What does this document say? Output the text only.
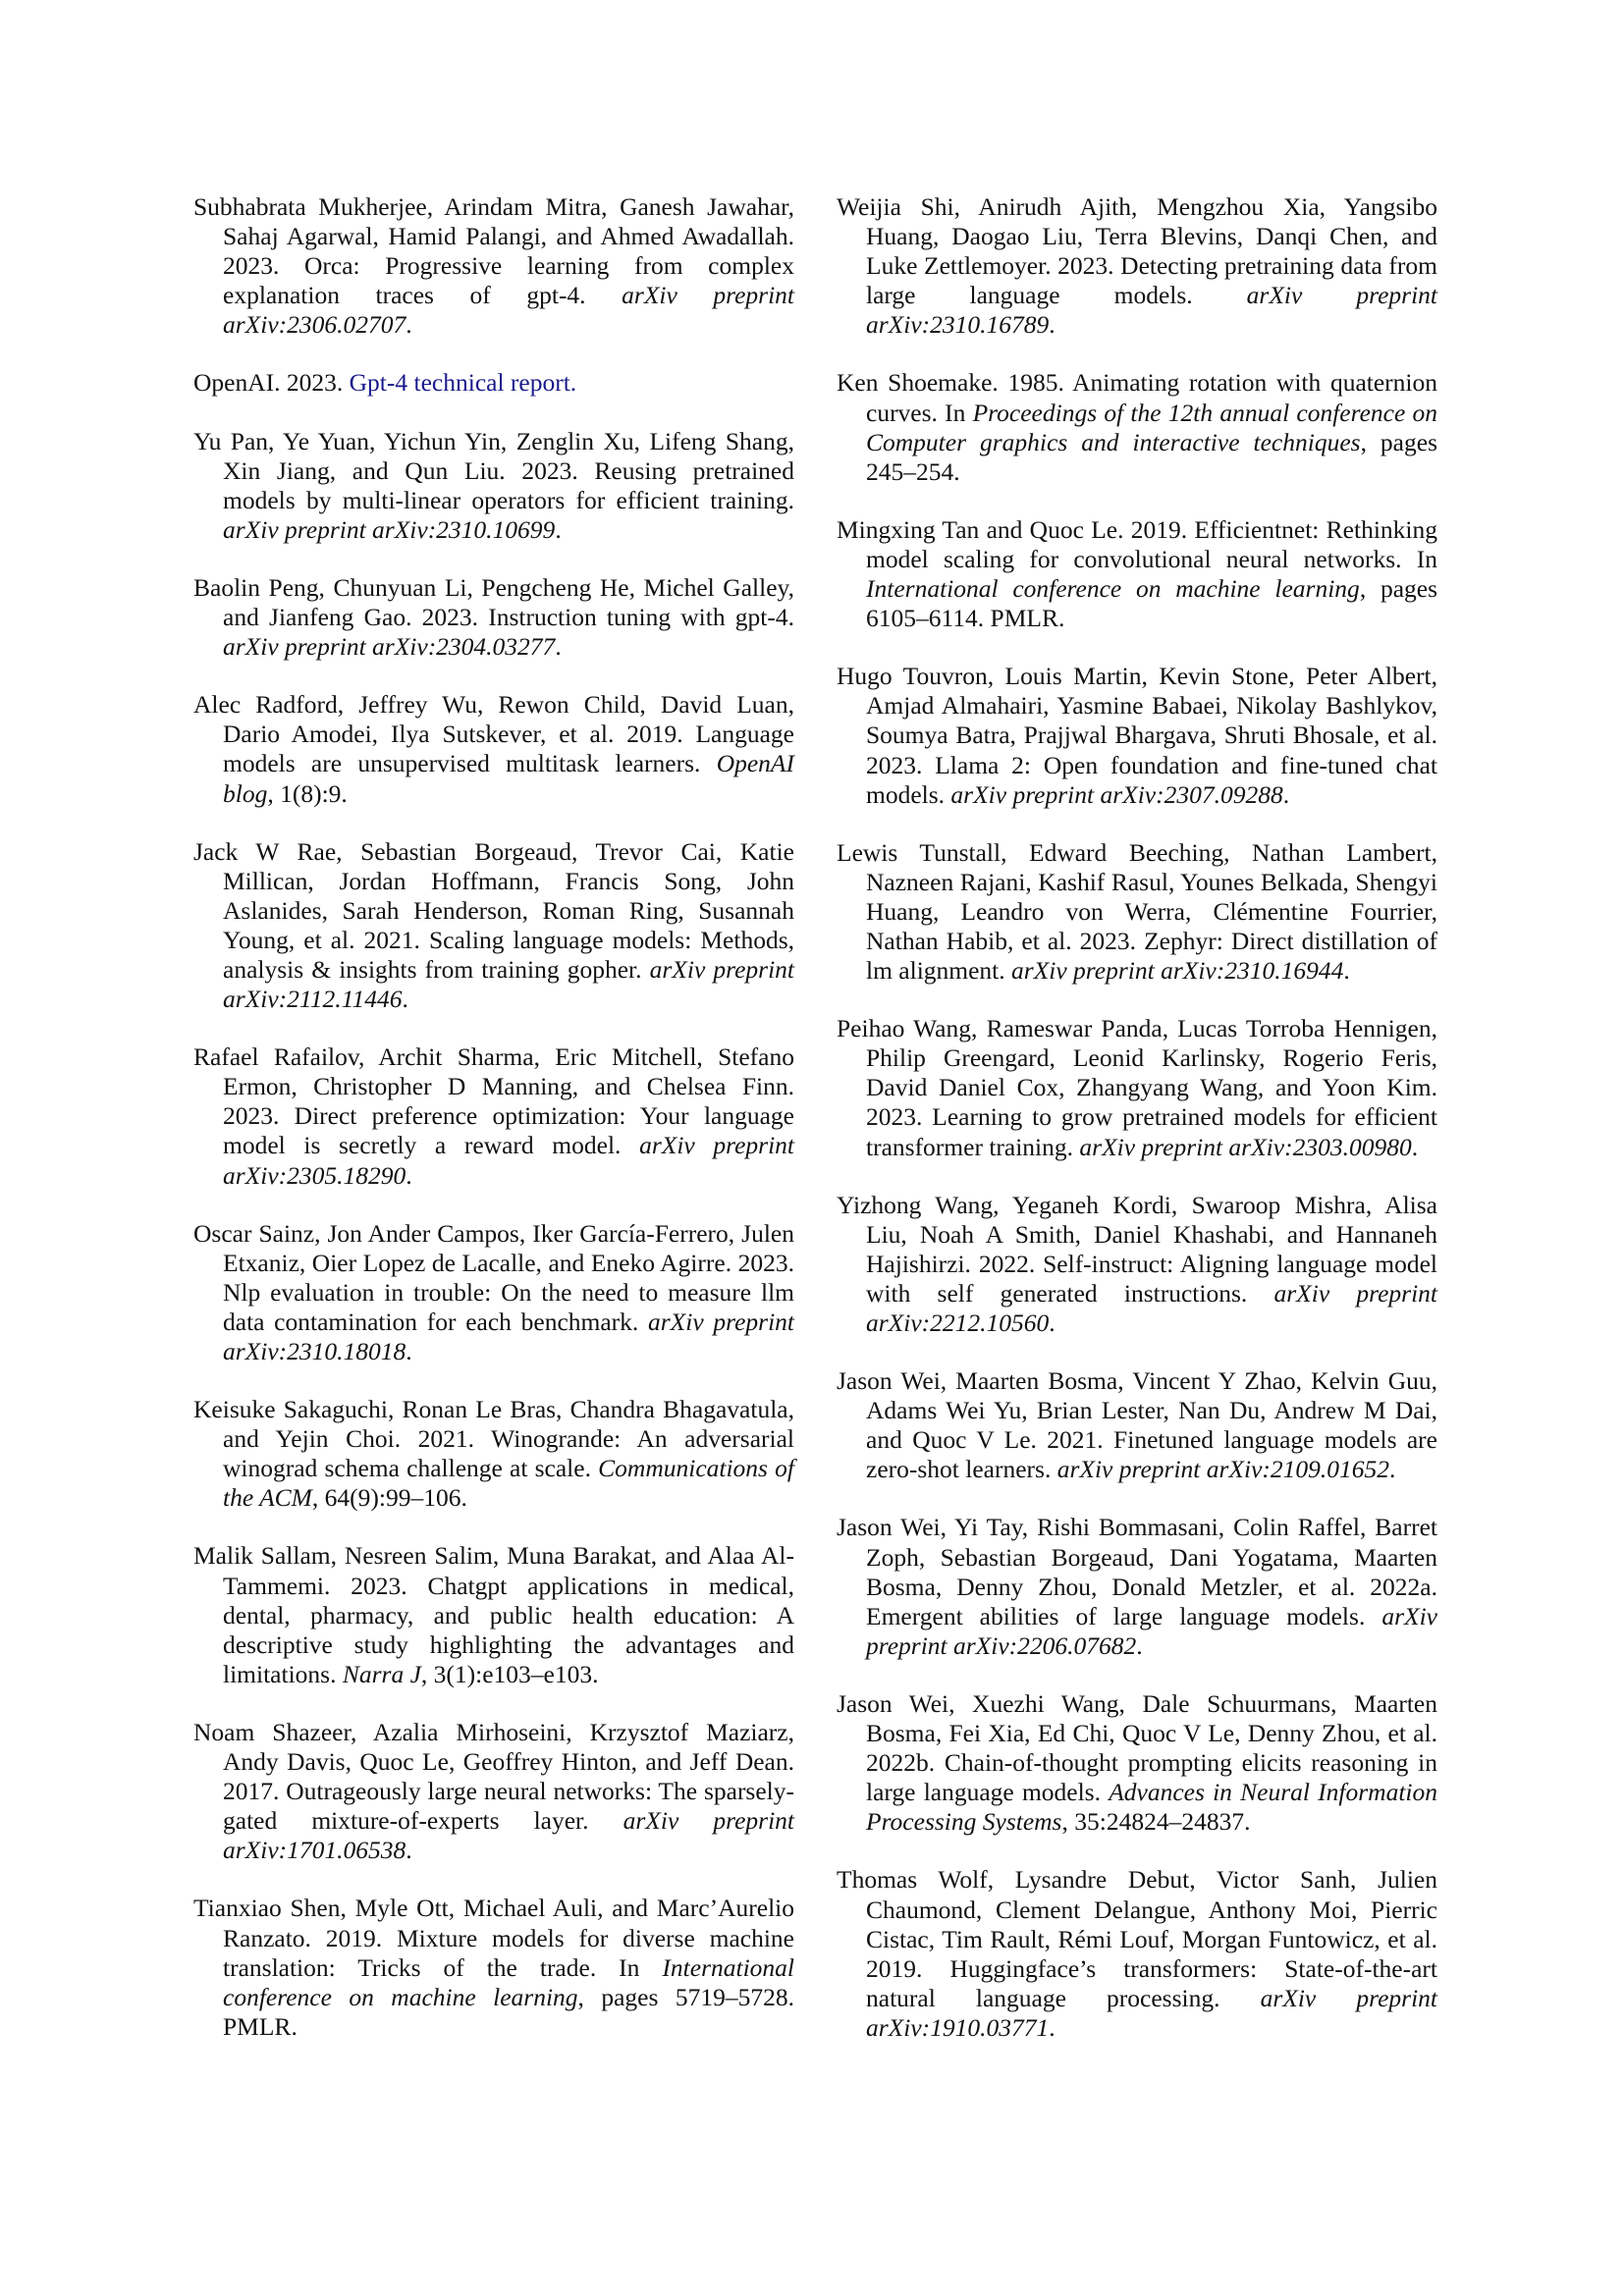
Subhabrata Mukherjee, Arindam Mitra, Ganesh Jawahar, Sahaj Agarwal, Hamid Palangi, and Ahmed Awadallah. 2023. Orca: Progressive learning from complex explanation traces of gpt-4. arXiv preprint arXiv:2306.02707.

OpenAI. 2023. Gpt-4 technical report.

Yu Pan, Ye Yuan, Yichun Yin, Zenglin Xu, Lifeng Shang, Xin Jiang, and Qun Liu. 2023. Reusing pretrained models by multi-linear operators for efficient training. arXiv preprint arXiv:2310.10699.

Baolin Peng, Chunyuan Li, Pengcheng He, Michel Galley, and Jianfeng Gao. 2023. Instruction tuning with gpt-4. arXiv preprint arXiv:2304.03277.

Alec Radford, Jeffrey Wu, Rewon Child, David Luan, Dario Amodei, Ilya Sutskever, et al. 2019. Language models are unsupervised multitask learners. OpenAI blog, 1(8):9.

Jack W Rae, Sebastian Borgeaud, Trevor Cai, Katie Millican, Jordan Hoffmann, Francis Song, John Aslanides, Sarah Henderson, Roman Ring, Susannah Young, et al. 2021. Scaling language models: Methods, analysis & insights from training gopher. arXiv preprint arXiv:2112.11446.

Rafael Rafailov, Archit Sharma, Eric Mitchell, Stefano Ermon, Christopher D Manning, and Chelsea Finn. 2023. Direct preference optimization: Your language model is secretly a reward model. arXiv preprint arXiv:2305.18290.

Oscar Sainz, Jon Ander Campos, Iker García-Ferrero, Julen Etxaniz, Oier Lopez de Lacalle, and Eneko Agirre. 2023. Nlp evaluation in trouble: On the need to measure llm data contamination for each benchmark. arXiv preprint arXiv:2310.18018.

Keisuke Sakaguchi, Ronan Le Bras, Chandra Bhagavatula, and Yejin Choi. 2021. Winogrande: An adversarial winograd schema challenge at scale. Communications of the ACM, 64(9):99–106.

Malik Sallam, Nesreen Salim, Muna Barakat, and Alaa Al-Tammemi. 2023. Chatgpt applications in medical, dental, pharmacy, and public health education: A descriptive study highlighting the advantages and limitations. Narra J, 3(1):e103–e103.

Noam Shazeer, Azalia Mirhoseini, Krzysztof Maziarz, Andy Davis, Quoc Le, Geoffrey Hinton, and Jeff Dean. 2017. Outrageously large neural networks: The sparsely-gated mixture-of-experts layer. arXiv preprint arXiv:1701.06538.

Tianxiao Shen, Myle Ott, Michael Auli, and Marc’Aurelio Ranzato. 2019. Mixture models for diverse machine translation: Tricks of the trade. In International conference on machine learning, pages 5719–5728. PMLR.

Weijia Shi, Anirudh Ajith, Mengzhou Xia, Yangsibo Huang, Daogao Liu, Terra Blevins, Danqi Chen, and Luke Zettlemoyer. 2023. Detecting pretraining data from large language models. arXiv preprint arXiv:2310.16789.

Ken Shoemake. 1985. Animating rotation with quaternion curves. In Proceedings of the 12th annual conference on Computer graphics and interactive techniques, pages 245–254.

Mingxing Tan and Quoc Le. 2019. Efficientnet: Rethinking model scaling for convolutional neural networks. In International conference on machine learning, pages 6105–6114. PMLR.

Hugo Touvron, Louis Martin, Kevin Stone, Peter Albert, Amjad Almahairi, Yasmine Babaei, Nikolay Bashlykov, Soumya Batra, Prajjwal Bhargava, Shruti Bhosale, et al. 2023. Llama 2: Open foundation and fine-tuned chat models. arXiv preprint arXiv:2307.09288.

Lewis Tunstall, Edward Beeching, Nathan Lambert, Nazneen Rajani, Kashif Rasul, Younes Belkada, Shengyi Huang, Leandro von Werra, Clémentine Fourrier, Nathan Habib, et al. 2023. Zephyr: Direct distillation of lm alignment. arXiv preprint arXiv:2310.16944.

Peihao Wang, Rameswar Panda, Lucas Torroba Hennigen, Philip Greengard, Leonid Karlinsky, Rogerio Feris, David Daniel Cox, Zhangyang Wang, and Yoon Kim. 2023. Learning to grow pretrained models for efficient transformer training. arXiv preprint arXiv:2303.00980.

Yizhong Wang, Yeganeh Kordi, Swaroop Mishra, Alisa Liu, Noah A Smith, Daniel Khashabi, and Hannaneh Hajishirzi. 2022. Self-instruct: Aligning language model with self generated instructions. arXiv preprint arXiv:2212.10560.

Jason Wei, Maarten Bosma, Vincent Y Zhao, Kelvin Guu, Adams Wei Yu, Brian Lester, Nan Du, Andrew M Dai, and Quoc V Le. 2021. Finetuned language models are zero-shot learners. arXiv preprint arXiv:2109.01652.

Jason Wei, Yi Tay, Rishi Bommasani, Colin Raffel, Barret Zoph, Sebastian Borgeaud, Dani Yogatama, Maarten Bosma, Denny Zhou, Donald Metzler, et al. 2022a. Emergent abilities of large language models. arXiv preprint arXiv:2206.07682.

Jason Wei, Xuezhi Wang, Dale Schuurmans, Maarten Bosma, Fei Xia, Ed Chi, Quoc V Le, Denny Zhou, et al. 2022b. Chain-of-thought prompting elicits reasoning in large language models. Advances in Neural Information Processing Systems, 35:24824–24837.

Thomas Wolf, Lysandre Debut, Victor Sanh, Julien Chaumond, Clement Delangue, Anthony Moi, Pierric Cistac, Tim Rault, Rémi Louf, Morgan Funtowicz, et al. 2019. Huggingface’s transformers: State-of-the-art natural language processing. arXiv preprint arXiv:1910.03771.
